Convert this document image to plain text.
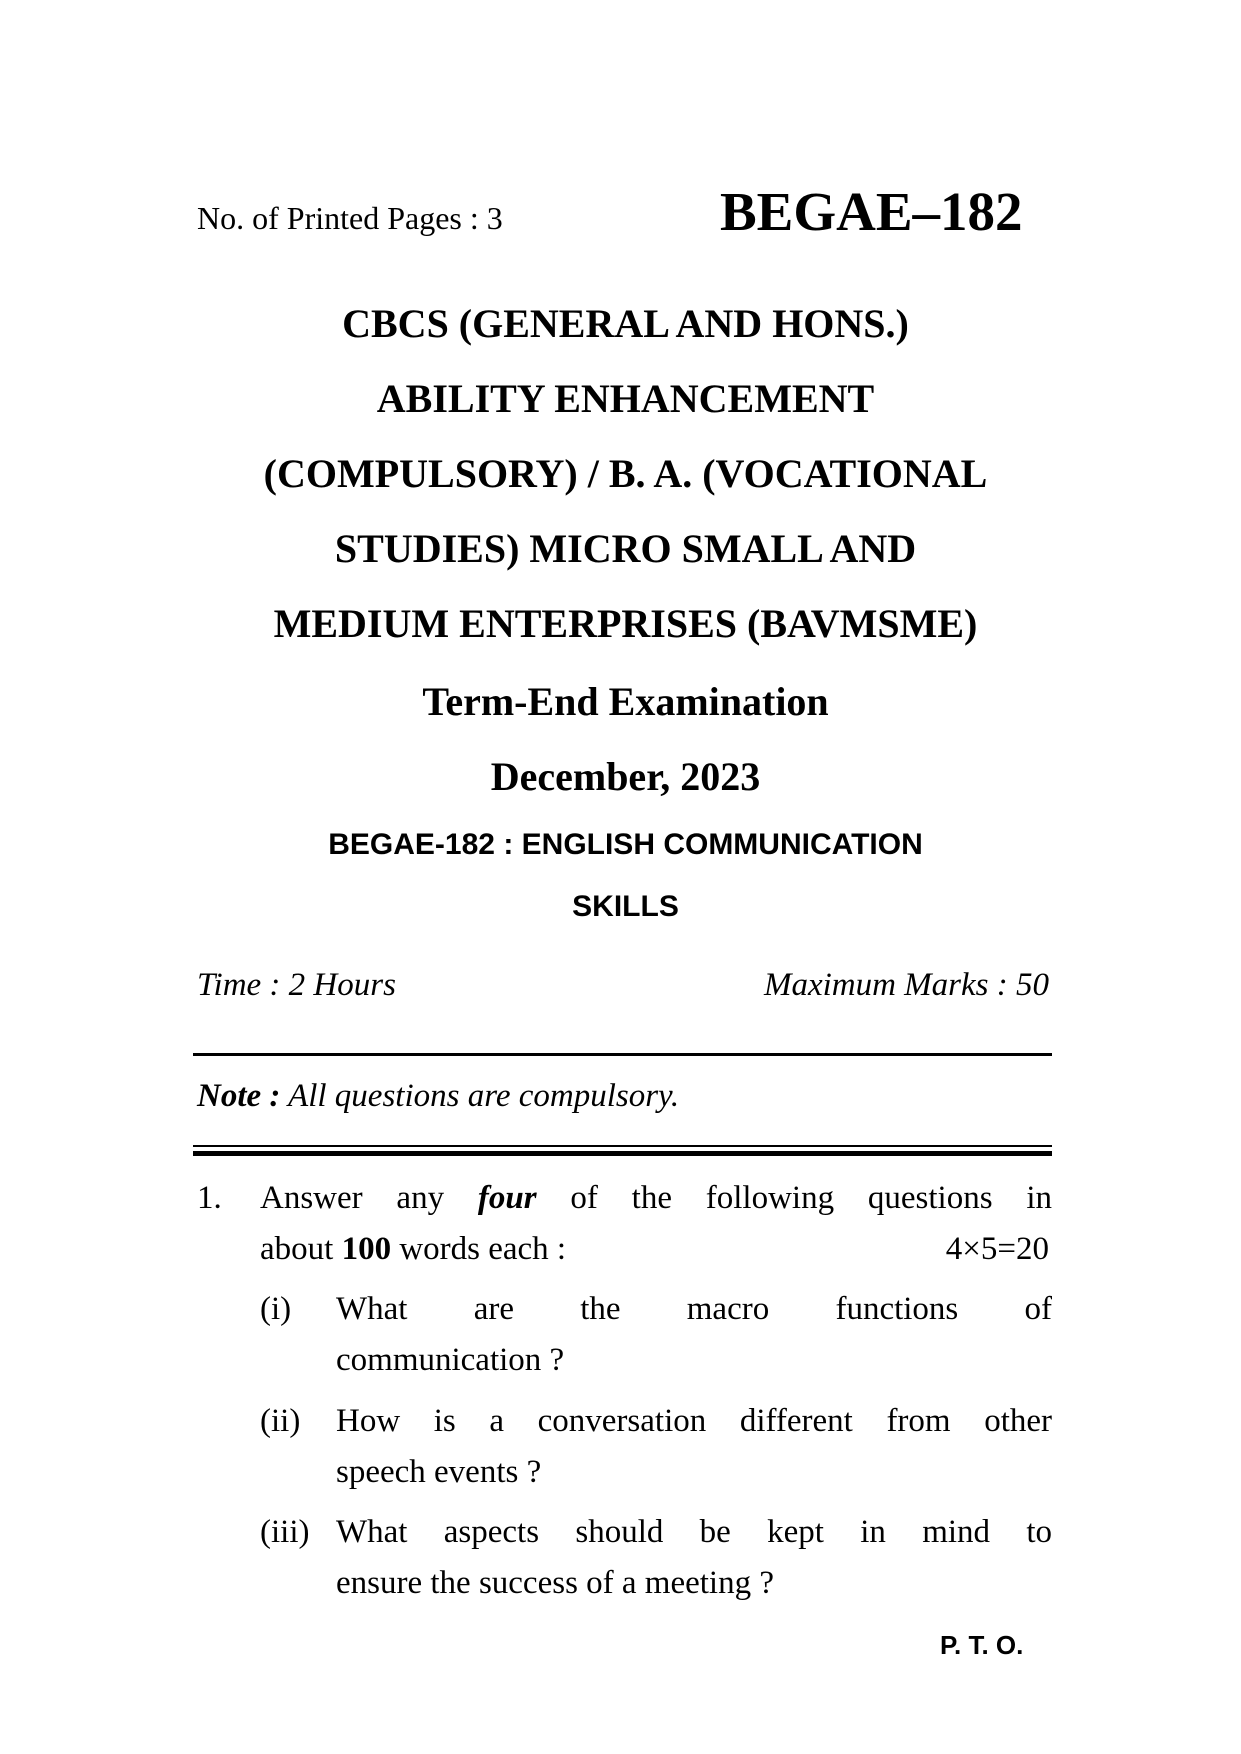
No. of Printed Pages : 3	BEGAE–182
CBCS (GENERAL AND HONS.)
ABILITY ENHANCEMENT
(COMPULSORY) / B. A. (VOCATIONAL
STUDIES) MICRO SMALL AND
MEDIUM ENTERPRISES (BAVMSME)
Term-End Examination
December, 2023
BEGAE-182 : ENGLISH COMMUNICATION
SKILLS
Time : 2 Hours	Maximum Marks : 50
Note : All questions are compulsory.
1. Answer any four of the following questions in
about 100 words each :	4×5=20
(i) What are the macro functions of
communication ?
(ii) How is a conversation different from other
speech events ?
(iii) What aspects should be kept in mind to
ensure the success of a meeting ?
P. T. O.
